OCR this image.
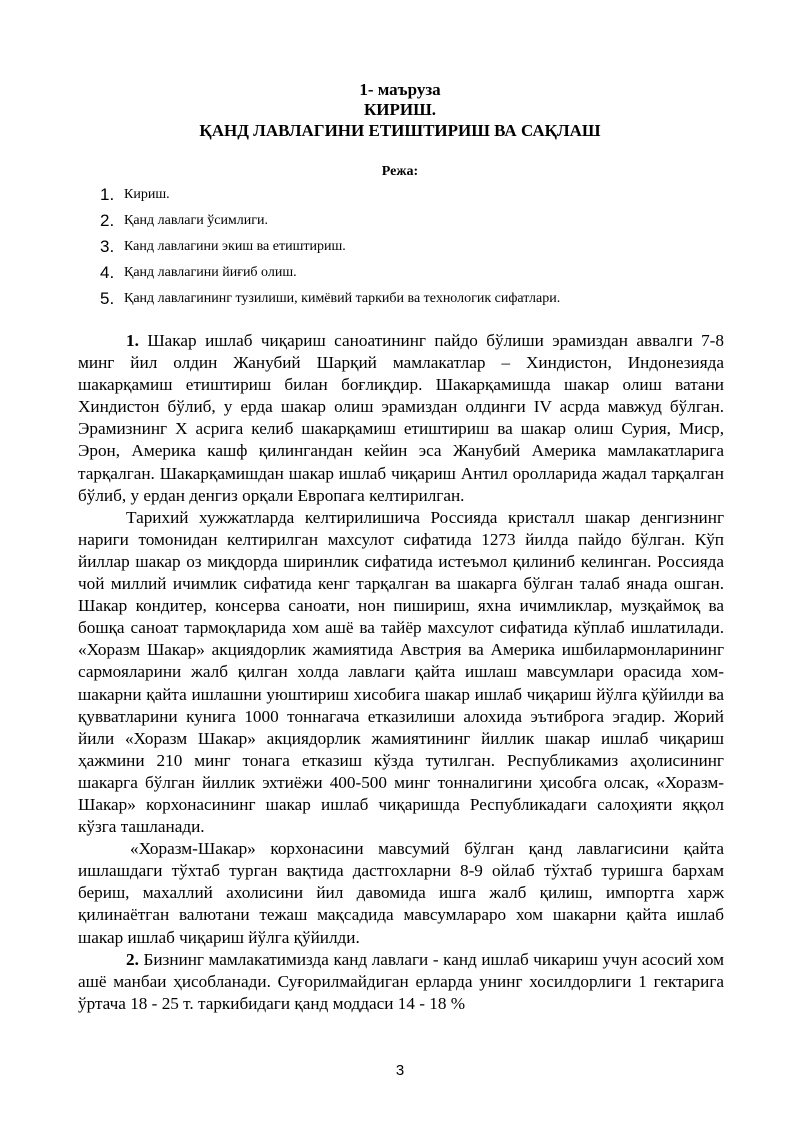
1- маъруза
КИРИШ.
ҚАНД ЛАВЛАГИНИ ЕТИШТИРИШ ВА САҚЛАШ
Режа:
1. Кириш.
2. Қанд лавлаги ўсимлиги.
3. Канд лавлагини экиш ва етиштириш.
4. Қанд лавлагини йиғиб олиш.
5. Қанд лавлагининг тузилиши, кимёвий таркиби ва технологик сифатлари.

1. Шакар ишлаб чиқариш саноатининг пайдо бўлиши эрамиздан аввалги 7-8 минг йил олдин Жанубий Шарқий мамлакатлар – Хиндистон, Индонезияда шакарқамиш етиштириш билан боғлиқдир. Шакарқамишда шакар олиш ватани Хиндистон бўлиб, у ерда шакар олиш эрамиздан олдинги IV асрда мавжуд бўлган. Эрамизнинг X асрига келиб шакарқамиш етиштириш ва шакар олиш Сурия, Миср, Эрон, Америка кашф қилингандан кейин эса Жанубий Америка мамлакатларига тарқалган. Шакарқамишдан шакар ишлаб чиқариш Антил оролларида жадал тарқалган бўлиб, у ердан денгиз орқали Европага келтирилган.

Тарихий хужжатларда келтирилишича Россияда кристалл шакар денгизнинг нариги томонидан келтирилган махсулот сифатида 1273 йилда пайдо бўлган. Кўп йиллар шакар оз миқдорда ширинлик сифатида истеъмол қилиниб келинган. Россияда чой миллий ичимлик сифатида кенг тарқалган ва шакарга бўлган талаб янада ошган. Шакар кондитер, консерва саноати, нон пишириш, яхна ичимликлар, музқаймоқ ва бошқа саноат тармоқларида хом ашё ва тайёр махсулот сифатида кўплаб ишлатилади. «Хоразм Шакар» акциядорлик жамиятида Австрия ва Америка ишбилармонларининг сармояларини жалб қилган холда лавлаги қайта ишлаш мавсумлари орасида хом-шакарни қайта ишлашни уюштириш хисобига шакар ишлаб чиқариш йўлга қўйилди ва қувватларини кунига 1000 тоннагача етказилиши алохида эътиброга эгадир. Жорий йили «Хоразм Шакар» акциядорлик жамиятининг йиллик шакар ишлаб чиқариш ҳажмини 210 минг тонага етказиш кўзда тутилган. Республикамиз аҳолисининг шакарга бўлган йиллик эхтиёжи 400-500 минг тонналигини ҳисобга олсак, «Хоразм-Шакар» корхонасининг шакар ишлаб чиқаришда Республикадаги салоҳияти яққол кўзга ташланади.

«Хоразм-Шакар» корхонасини мавсумий бўлган қанд лавлагисини қайта ишлашдаги тўхтаб турган вақтида дастгохларни 8-9 ойлаб тўхтаб туришга бархам бериш, махаллий ахолисини йил давомида ишга жалб қилиш, импортга харж қилинаётган валютани тежаш мақсадида мавсумлараро хом шакарни қайта ишлаб шакар ишлаб чиқариш йўлга қўйилди.

2. Бизнинг мамлакатимизда канд лавлаги - канд ишлаб чикариш учун асосий хом ашё манбаи ҳисобланади. Суғорилмайдиган ерларда унинг хосилдорлиги 1 гектарига ўртача 18 - 25 т. таркибидаги қанд моддаси 14 - 18 %

3
